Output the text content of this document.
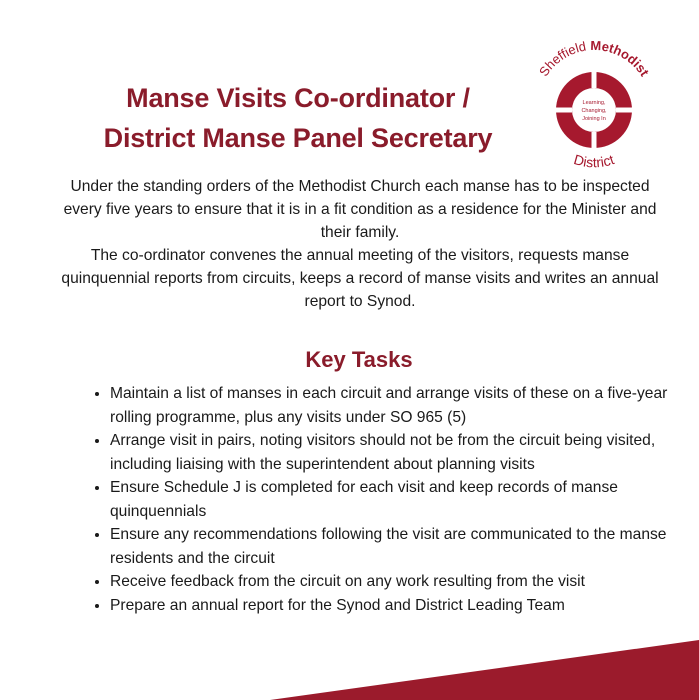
Manse Visits Co-ordinator /
District Manse Panel Secretary
Sheffield Methodist
Learning,
Changing,
Joining In
District

Under the standing orders of the Methodist Church each manse has to be inspected every five years to ensure that it is in a fit condition as a residence for the Minister and their family.

The co-ordinator convenes the annual meeting of the visitors, requests manse quinquennial reports from circuits, keeps a record of manse visits and writes an annual report to Synod.

Key Tasks
• Maintain a list of manses in each circuit and arrange visits of these on a five-year rolling programme, plus any visits under SO 965 (5)
• Arrange visit in pairs, noting visitors should not be from the circuit being visited, including liaising with the superintendent about planning visits
• Ensure Schedule J is completed for each visit and keep records of manse quinquennials
• Ensure any recommendations following the visit are communicated to the manse residents and the circuit
• Receive feedback from the circuit on any work resulting from the visit
• Prepare an annual report for the Synod and District Leading Team
